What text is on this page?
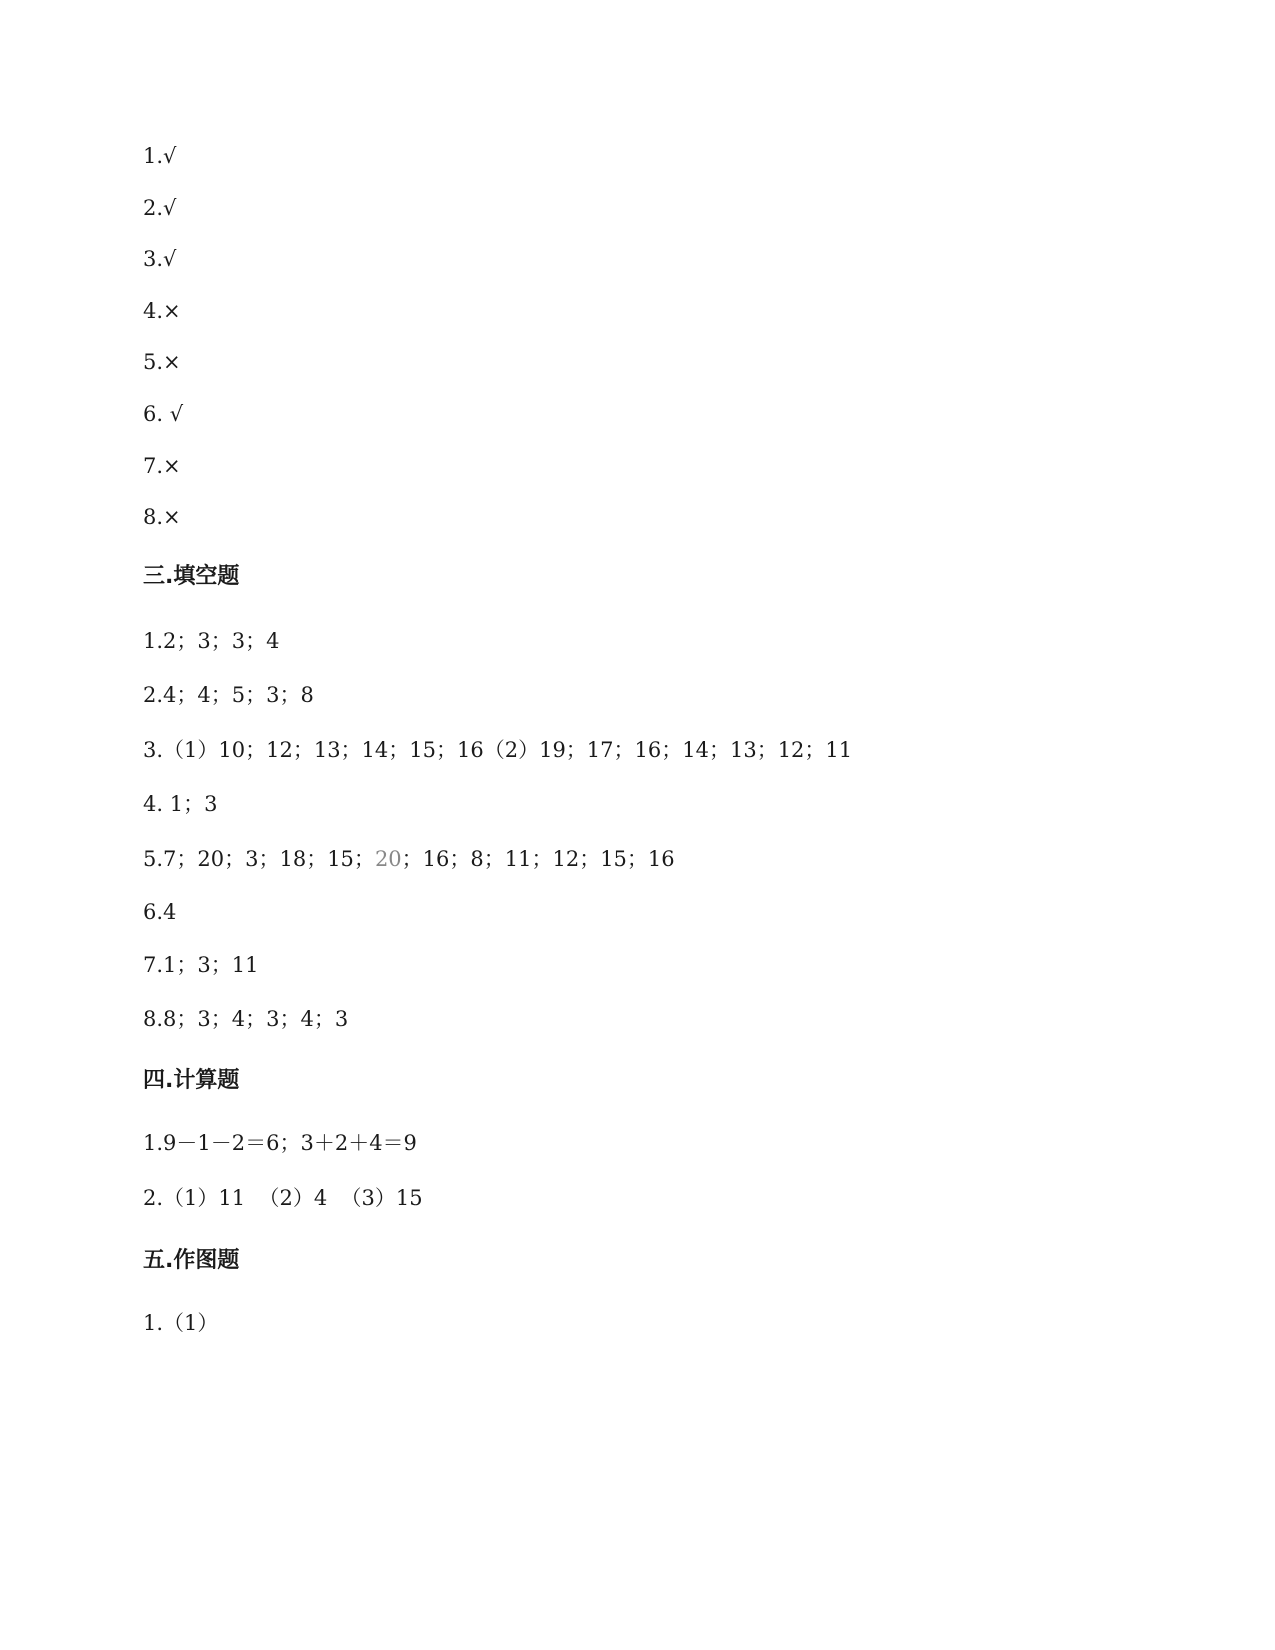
1.√
2.√
3.√
4.×
5.×
6. √
7.×
8.×
三.填空题
1.2；3；3；4
2.4；4；5；3；8
3.（1）10；12；13；14；15；16（2）19；17；16；14；13；12；11
4. 1；3
5.7；20；3；18；15；20；16；8；11；12；15；16
6.4
7.1；3；11
8.8；3；4；3；4；3
四.计算题
1.9－1－2＝6；3＋2＋4＝9
2.（1）11  （2）4  （3）15
五.作图题
1.（1）
